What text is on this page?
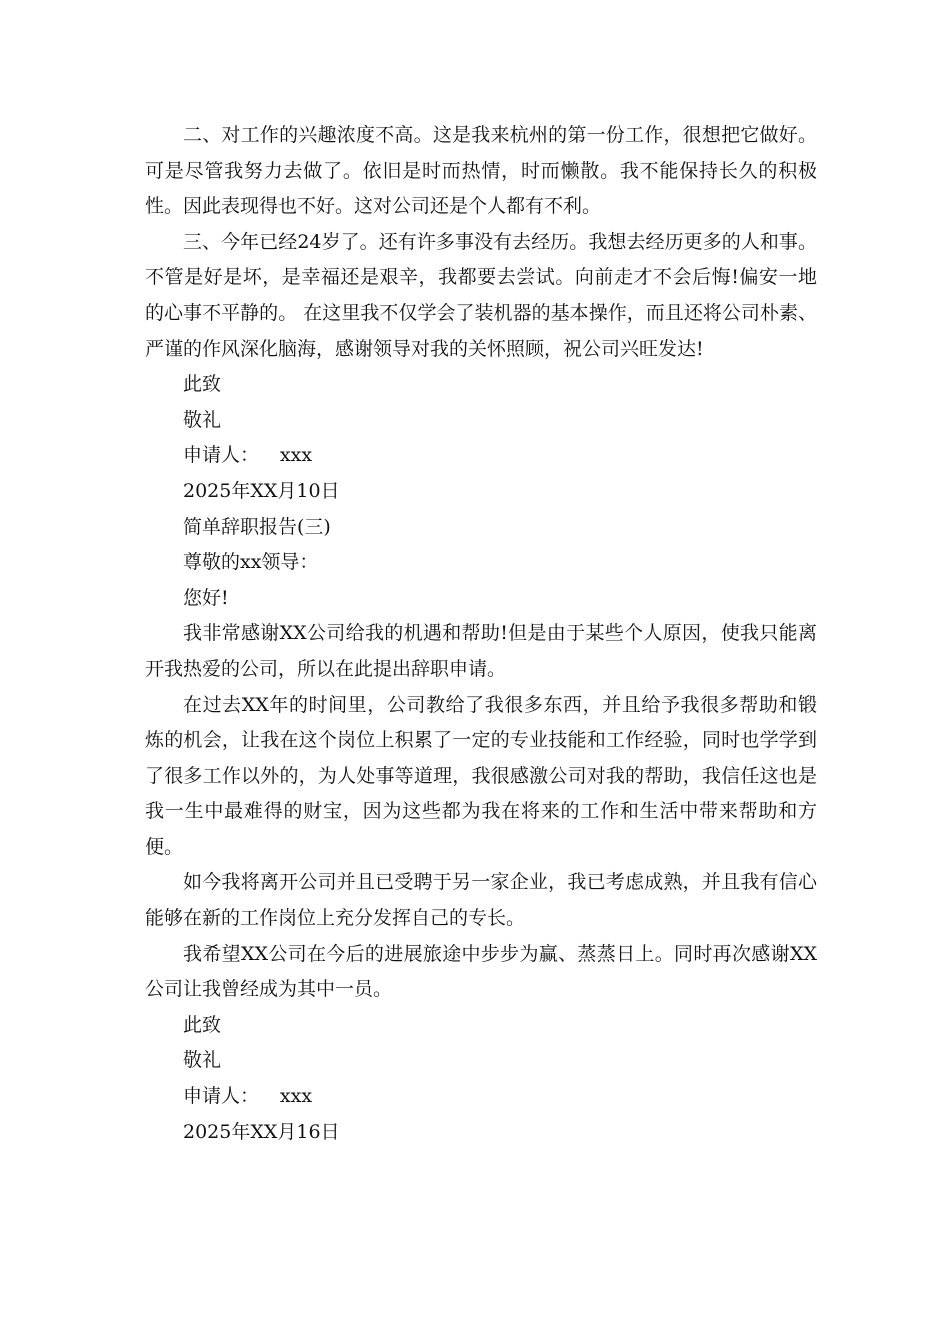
二、对工作的兴趣浓度不高。这是我来杭州的第一份工作，很想把它做好。可是尽管我努力去做了。依旧是时而热情，时而懒散。我不能保持长久的积极性。因此表现得也不好。这对公司还是个人都有不利。

三、今年已经24岁了。还有许多事没有去经历。我想去经历更多的人和事。不管是好是坏，是幸福还是艰辛，我都要去尝试。向前走才不会后悔!偏安一地的心事不平静的。 在这里我不仅学会了装机器的基本操作，而且还将公司朴素、严谨的作风深化脑海，感谢领导对我的关怀照顾，祝公司兴旺发达!

此致

敬礼

申请人： xxx

2025年XX月10日

简单辞职报告(三)

尊敬的xx领导：

您好!

我非常感谢XX公司给我的机遇和帮助!但是由于某些个人原因，使我只能离开我热爱的公司，所以在此提出辞职申请。

在过去XX年的时间里，公司教给了我很多东西，并且给予我很多帮助和锻炼的机会，让我在这个岗位上积累了一定的专业技能和工作经验，同时也学学到了很多工作以外的，为人处事等道理，我很感激公司对我的帮助，我信任这也是我一生中最难得的财宝，因为这些都为我在将来的工作和生活中带来帮助和方便。

如今我将离开公司并且已受聘于另一家企业，我已考虑成熟，并且我有信心能够在新的工作岗位上充分发挥自己的专长。

我希望XX公司在今后的进展旅途中步步为赢、蒸蒸日上。同时再次感谢XX公司让我曾经成为其中一员。

此致

敬礼

申请人： xxx

2025年XX月16日
